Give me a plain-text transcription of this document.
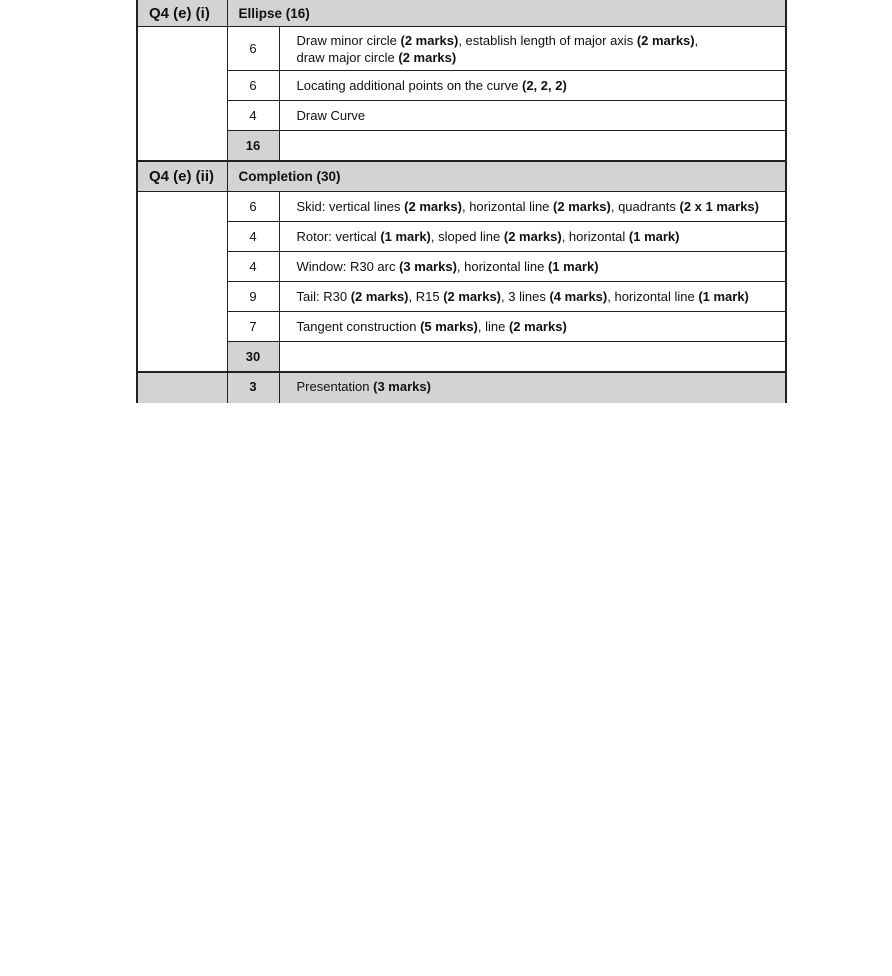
Q4 (e) (i)	Ellipse (16)	
	6	Draw minor circle (2 marks), establish length of major axis (2 marks),
draw major circle (2 marks)
	6	Locating additional points on the curve (2, 2, 2)
	4	Draw Curve
	16	
Q4 (e) (ii)	Completion (30)	
	6	Skid: vertical lines (2 marks), horizontal line (2 marks), quadrants (2 x 1 marks)
	4	Rotor: vertical (1 mark), sloped line (2 marks), horizontal (1 mark)
	4	Window: R30 arc (3 marks), horizontal line (1 mark)
	9	Tail: R30 (2 marks), R15 (2 marks), 3 lines (4 marks), horizontal line (1 mark)
	7	Tangent construction (5 marks), line (2 marks)
	30	
	3	Presentation (3 marks)
